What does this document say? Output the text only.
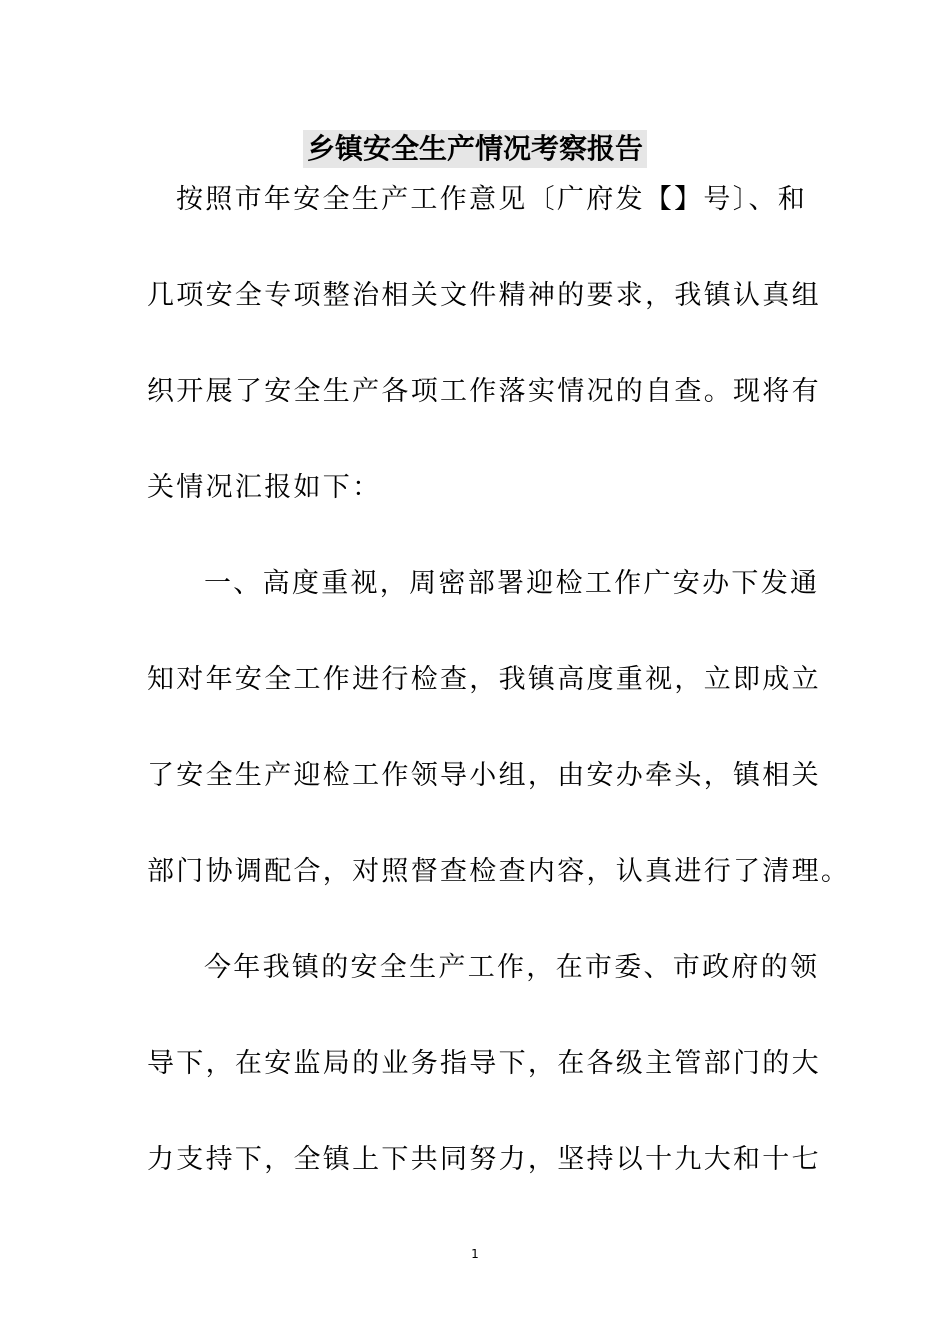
乡镇安全生产情况考察报告
按照市年安全生产工作意见〔广府发【】号〕、和
几项安全专项整治相关文件精神的要求，我镇认真组
织开展了安全生产各项工作落实情况的自查。现将有
关情况汇报如下：
一、高度重视，周密部署迎检工作广安办下发通
知对年安全工作进行检查，我镇高度重视，立即成立
了安全生产迎检工作领导小组，由安办牵头，镇相关
部门协调配合，对照督查检查内容，认真进行了清理。
今年我镇的安全生产工作，在市委、市政府的领
导下，在安监局的业务指导下，在各级主管部门的大
力支持下，全镇上下共同努力，坚持以十九大和十七
1
